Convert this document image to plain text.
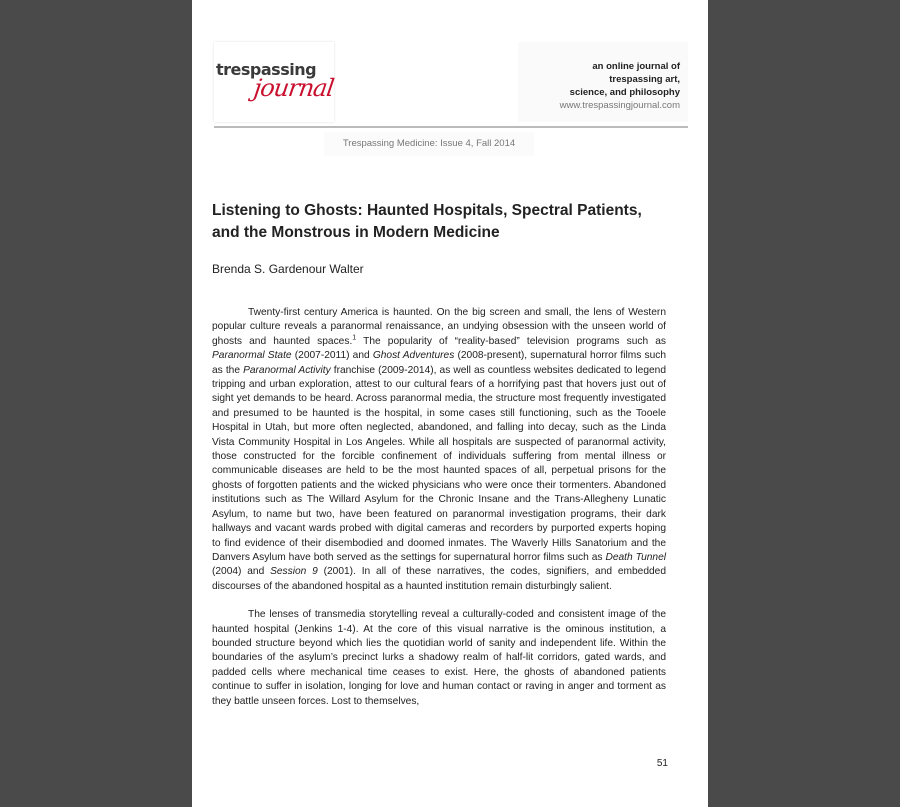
trespassing
journal
an online journal of
trespassing art,
science, and philosophy
www.trespassingjournal.com
Trespassing Medicine: Issue 4, Fall 2014
Listening to Ghosts: Haunted Hospitals, Spectral Patients,
and the Monstrous in Modern Medicine
Brenda S. Gardenour Walter

Twenty-first century America is haunted. On the big screen and small, the lens of Western popular culture reveals a paranormal renaissance, an undying obsession with the unseen world of ghosts and haunted spaces.$^1$ The popularity of “reality-based” television programs such as Paranormal State (2007-2011) and Ghost Adventures (2008-present), supernatural horror films such as the Paranormal Activity franchise (2009-2014), as well as countless websites dedicated to legend tripping and urban exploration, attest to our cultural fears of a horrifying past that hovers just out of sight yet demands to be heard. Across paranormal media, the structure most frequently investigated and presumed to be haunted is the hospital, in some cases still functioning, such as the Tooele Hospital in Utah, but more often neglected, abandoned, and falling into decay, such as the Linda Vista Community Hospital in Los Angeles. While all hospitals are suspected of paranormal activity, those constructed for the forcible confinement of individuals suffering from mental illness or communicable diseases are held to be the most haunted spaces of all, perpetual prisons for the ghosts of forgotten patients and the wicked physicians who were once their tormenters. Abandoned institutions such as The Willard Asylum for the Chronic Insane and the Trans-Allegheny Lunatic Asylum, to name but two, have been featured on paranormal investigation programs, their dark hallways and vacant wards probed with digital cameras and recorders by purported experts hoping to find evidence of their disembodied and doomed inmates. The Waverly Hills Sanatorium and the Danvers Asylum have both served as the settings for supernatural horror films such as Death Tunnel (2004) and Session 9 (2001). In all of these narratives, the codes, signifiers, and embedded discourses of the abandoned hospital as a haunted institution remain disturbingly salient.

The lenses of transmedia storytelling reveal a culturally-coded and consistent image of the haunted hospital (Jenkins 1-4). At the core of this visual narrative is the ominous institution, a bounded structure beyond which lies the quotidian world of sanity and independent life. Within the boundaries of the asylum’s precinct lurks a shadowy realm of half-lit corridors, gated wards, and padded cells where mechanical time ceases to exist. Here, the ghosts of abandoned patients continue to suffer in isolation, longing for love and human contact or raving in anger and torment as they battle unseen forces. Lost to themselves,

51
